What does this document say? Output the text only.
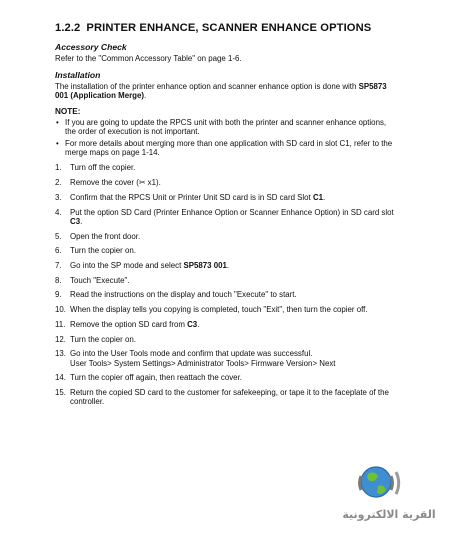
1.2.2 PRINTER ENHANCE, SCANNER ENHANCE OPTIONS
Accessory Check
Refer to the "Common Accessory Table" on page 1-6.
Installation
The installation of the printer enhance option and scanner enhance option is done with SP5873 001 (Application Merge).
NOTE:
• If you are going to update the RPCS unit with both the printer and scanner enhance options, the order of execution is not important.
• For more details about merging more than one application with SD card in slot C1, refer to the merge maps on page 1-14.
1. Turn off the copier.
2. Remove the cover (✂ x1).
3. Confirm that the RPCS Unit or Printer Unit SD card is in SD card Slot C1.
4. Put the option SD Card (Printer Enhance Option or Scanner Enhance Option) in SD card slot C3.
5. Open the front door.
6. Turn the copier on.
7. Go into the SP mode and select SP5873 001.
8. Touch "Execute".
9. Read the instructions on the display and touch "Execute" to start.
10. When the display tells you copying is completed, touch "Exit", then turn the copier off.
11. Remove the option SD card from C3.
12. Turn the copier on.
13. Go into the User Tools mode and confirm that update was successful.
User Tools> System Settings> Administrator Tools> Firmware Version> Next
14. Turn the copier off again, then reattach the cover.
15. Return the copied SD card to the customer for safekeeping, or tape it to the faceplate of the controller.
القرية الالكترونية
